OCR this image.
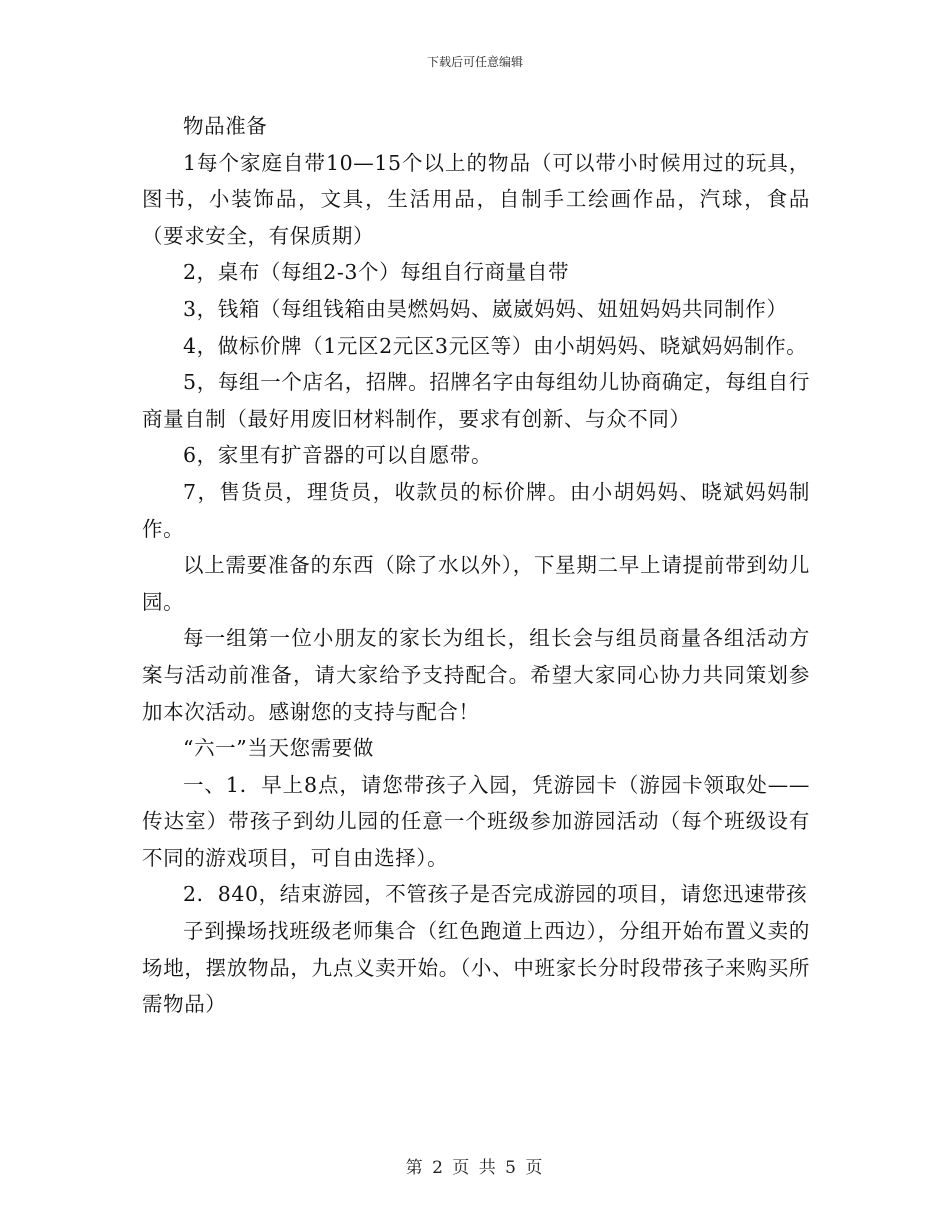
下载后可任意编辑

物品准备

1每个家庭自带10—15个以上的物品（可以带小时候用过的玩具，图书，小装饰品，文具，生活用品，自制手工绘画作品，汽球，食品（要求安全，有保质期）

2，桌布（每组2-3个）每组自行商量自带

3，钱箱（每组钱箱由昊燃妈妈、崴崴妈妈、妞妞妈妈共同制作）

4，做标价牌（1元区2元区3元区等）由小胡妈妈、晓斌妈妈制作。

5，每组一个店名，招牌。招牌名字由每组幼儿协商确定，每组自行商量自制（最好用废旧材料制作，要求有创新、与众不同）

6，家里有扩音器的可以自愿带。

7，售货员，理货员，收款员的标价牌。由小胡妈妈、晓斌妈妈制作。

以上需要准备的东西（除了水以外），下星期二早上请提前带到幼儿园。

每一组第一位小朋友的家长为组长，组长会与组员商量各组活动方案与活动前准备，请大家给予支持配合。希望大家同心协力共同策划参加本次活动。感谢您的支持与配合！

“六一”当天您需要做

一、1．早上8点，请您带孩子入园，凭游园卡（游园卡领取处——传达室）带孩子到幼儿园的任意一个班级参加游园活动（每个班级设有不同的游戏项目，可自由选择）。

2．840，结束游园，不管孩子是否完成游园的项目，请您迅速带孩

子到操场找班级老师集合（红色跑道上西边），分组开始布置义卖的场地，摆放物品，九点义卖开始。（小、中班家长分时段带孩子来购买所需物品）

第 2 页 共 5 页
